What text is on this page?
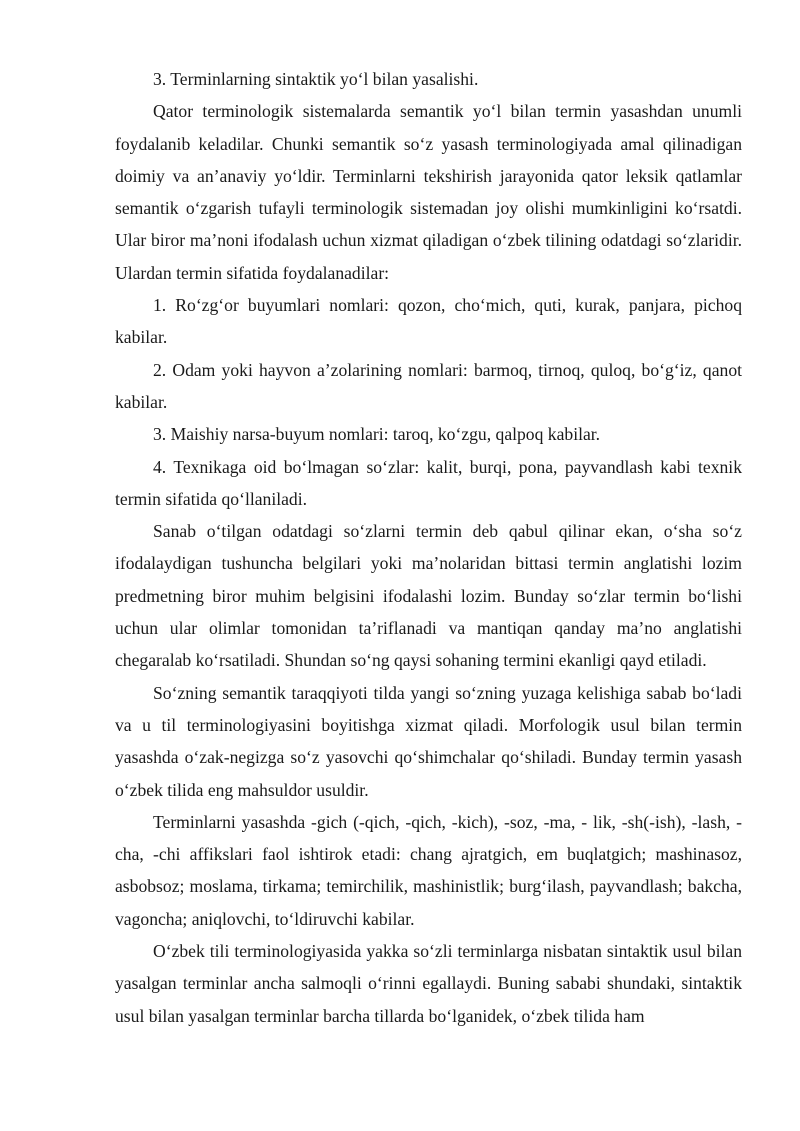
3. Terminlarning sintaktik yo‘l bilan yasalishi.

Qator terminologik sistemalarda semantik yo‘l bilan termin yasashdan unumli foydalanib keladilar. Chunki semantik so‘z yasash terminologiyada amal qilinadigan doimiy va an’anaviy yo‘ldir. Terminlarni tekshirish jarayonida qator leksik qatlamlar semantik o‘zgarish tufayli terminologik sistemadan joy olishi mumkinligini ko‘rsatdi. Ular biror ma’noni ifodalash uchun xizmat qiladigan o‘zbek tilining odatdagi so‘zlaridir. Ulardan termin sifatida foydalanadilar:

1. Ro‘zg‘or buyumlari nomlari: qozon, cho‘mich, quti, kurak, panjara, pichoq kabilar.

2. Odam yoki hayvon a’zolarining nomlari: barmoq, tirnoq, quloq, bo‘g‘iz, qanot kabilar.

3. Maishiy narsa-buyum nomlari: taroq, ko‘zgu, qalpoq kabilar.

4. Texnikaga oid bo‘lmagan so‘zlar: kalit, burqi, pona, payvandlash kabi texnik termin sifatida qo‘llaniladi.

Sanab o‘tilgan odatdagi so‘zlarni termin deb qabul qilinar ekan, o‘sha so‘z ifodalaydigan tushuncha belgilari yoki ma’nolaridan bittasi termin anglatishi lozim predmetning biror muhim belgisini ifodalashi lozim. Bunday so‘zlar termin bo‘lishi uchun ular olimlar tomonidan ta’riflanadi va mantiqan qanday ma’no anglatishi chegaralab ko‘rsatiladi. Shundan so‘ng qaysi sohaning termini ekanligi qayd etiladi.

So‘zning semantik taraqqiyoti tilda yangi so‘zning yuzaga kelishiga sabab bo‘ladi va u til terminologiyasini boyitishga xizmat qiladi. Morfologik usul bilan termin yasashda o‘zak-negizga so‘z yasovchi qo‘shimchalar qo‘shiladi. Bunday termin yasash o‘zbek tilida eng mahsuldor usuldir.

Terminlarni yasashda -gich (-qich, -qich, -kich), -soz, -ma, - lik, -sh(-ish), -lash, -cha, -chi affikslari faol ishtirok etadi: chang ajratgich, em buqlatgich; mashinasoz, asbobsoz; moslama, tirkama; temirchilik, mashinistlik; burg‘ilash, payvandlash; bakcha, vagoncha; aniqlovchi, to‘ldiruvchi kabilar.

O‘zbek tili terminologiyasida yakka so‘zli terminlarga nisbatan sintaktik usul bilan yasalgan terminlar ancha salmoqli o‘rinni egallaydi. Buning sababi shundaki, sintaktik usul bilan yasalgan terminlar barcha tillarda bo‘lganidek, o‘zbek tilida ham
